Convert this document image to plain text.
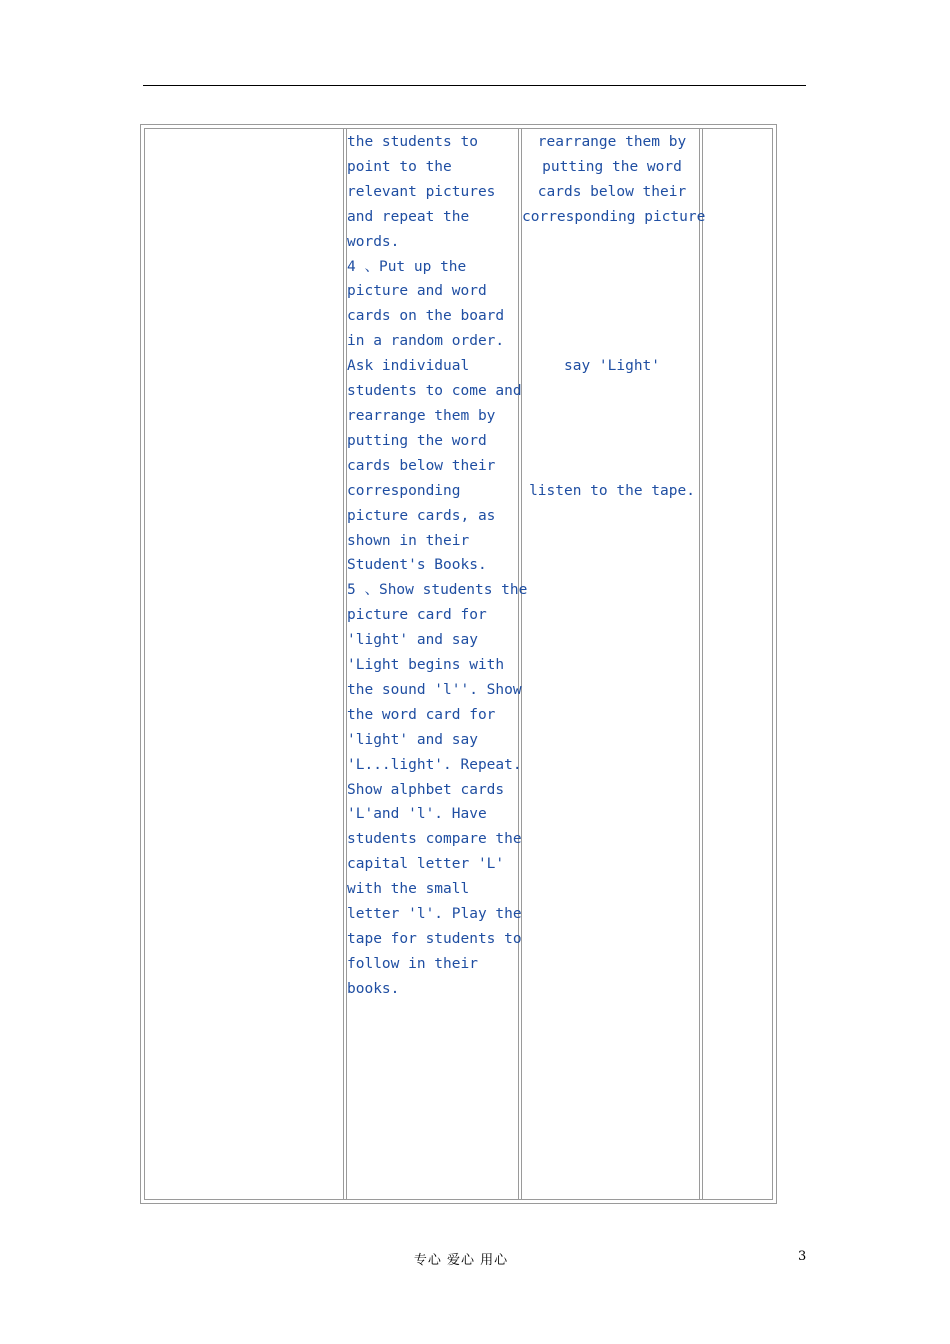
the students to
point to the
relevant pictures
and repeat the
words.
4 、Put up the
picture and word
cards on the board
in a random order.
Ask individual
students to come and
rearrange them by
putting the word
cards below their
corresponding
picture cards, as
shown in their
Student's Books.
5 、Show students the
picture card for
'light' and say
'Light begins with
the sound 'l''. Show
the word card for
'light' and say
'L...light'. Repeat.
Show alphbet cards
'L'and 'l'. Have
students compare the
capital letter 'L'
with the small
letter 'l'. Play the
tape for students to
follow in their
books.
rearrange them by
putting the word
cards below their
corresponding picture

say 'Light'

listen to the tape.
专心 爱心 用心	3
